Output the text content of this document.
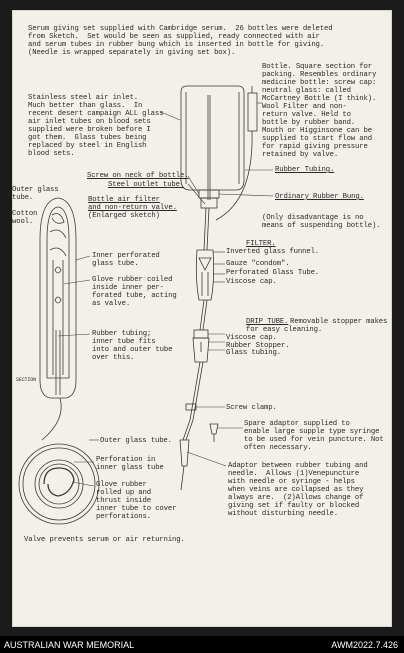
Serum giving set supplied with Cambridge serum.  26 bottles were deleted
from Sketch.  Set would be seen as supplied, ready connected with air
and serum tubes in rubber bung which is inserted in bottle for giving.
(Needle is wrapped separately in giving set box).
Bottle. Square section for
packing. Resembles ordinary
medicine bottle: screw cap:
neutral glass: called
McCartney Bottle (I think).
Wool Filter and non-
return valve. Held to
bottle by rubber band.
Mouth or Higginsone can be
supplied to start flow and
for rapid giving pressure
retained by valve.
Stainless steel air inlet.
Much better than glass.  In
recent desert campaign ALL glass
air inlet tubes on blood sets
supplied were broken before I
got them.  Glass tubes being
replaced by steel in English
blood sets.
Rubber Tubing.
Screw on neck of bottle.
Steel outlet tube.
Ordinary Rubber Bung.
(Only disadvantage is no
means of suspending bottle).
Outer glass
tube.
Cotton
wool.
Bottle air filter
and non-return valve.
(Enlarged sketch)
Inner perforated
glass tube.
Glove rubber coiled
inside inner per-
forated tube, acting
as valve.
Rubber tubing;
inner tube fits
into and outer tube
over this.
SECTION
FILTER.
Inverted glass funnel.
Gauze "condom".
Perforated Glass Tube.
Viscose cap.
DRIP TUBE. Removable stopper makes
for easy cleaning.
Viscose cap.
Rubber Stopper.
Glass tubing.
Screw clamp.
Spare adaptor supplied to
enable large supple type syringe
to be used for vein puncture. Not
often necessary.
Adaptor between rubber tubing and
needle.  Allows (1)Venepuncture
with needle or syringe - helps
when veins are collapsed as they
always are.  (2)Allows change of
giving set if faulty or blocked
without disturbing needle.
Outer glass tube.
Perforation in
inner glass tube
Glove rubber
rolled up and
thrust inside
inner tube to cover
perforations.
Valve prevents serum or air returning.
AUSTRALIAN WAR MEMORIAL	AWM2022.7.426
